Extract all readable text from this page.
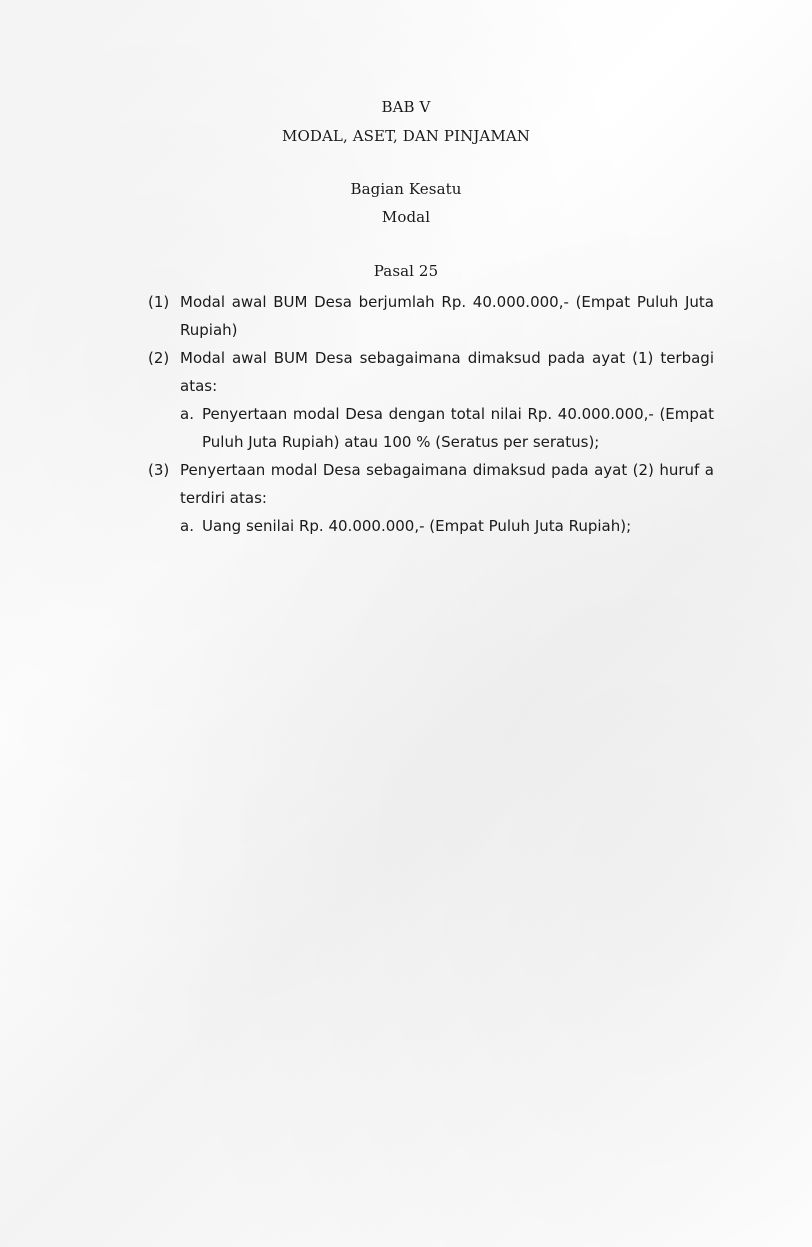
BAB V
MODAL, ASET, DAN PINJAMAN
Bagian Kesatu
Modal
Pasal 25
(1) Modal awal BUM Desa berjumlah Rp. 40.000.000,- (Empat Puluh Juta Rupiah)
(2) Modal awal BUM Desa sebagaimana dimaksud pada ayat (1) terbagi atas:
a. Penyertaan modal Desa dengan total nilai Rp. 40.000.000,- (Empat Puluh Juta Rupiah) atau 100 % (Seratus per seratus);
(3) Penyertaan modal Desa sebagaimana dimaksud pada ayat (2) huruf a terdiri atas:
a. Uang senilai Rp. 40.000.000,- (Empat Puluh Juta Rupiah);
